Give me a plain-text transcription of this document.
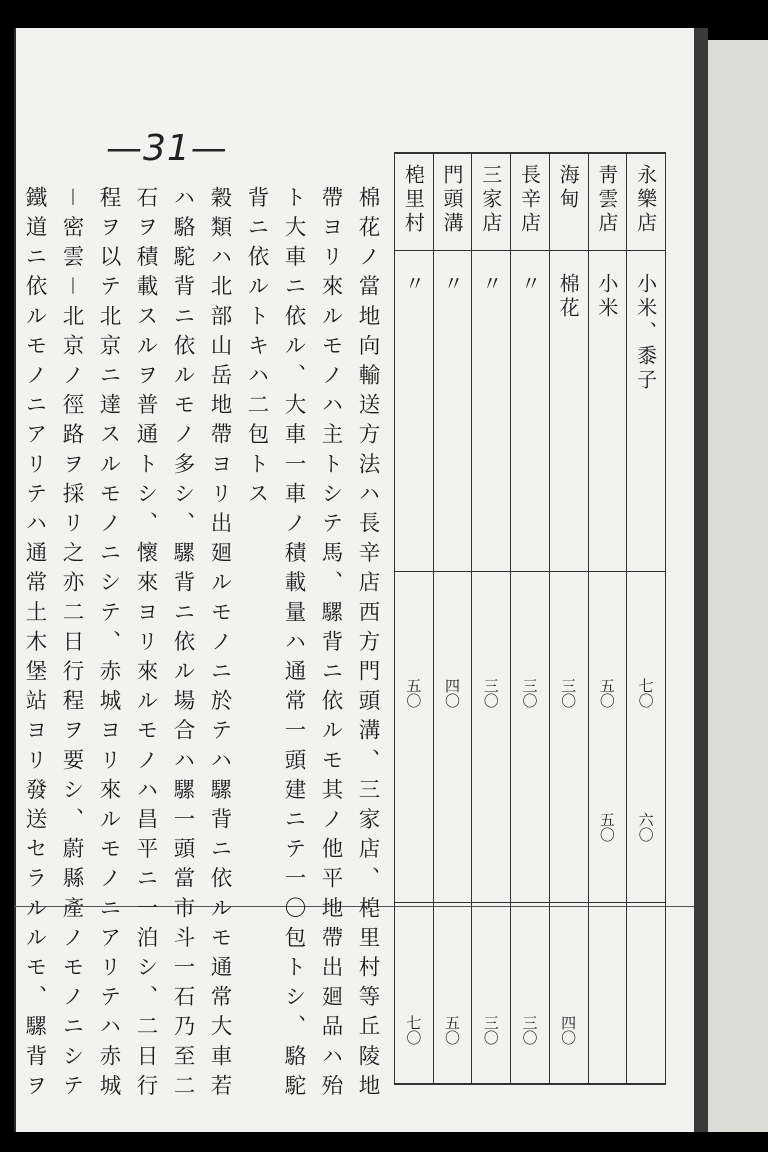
—31—
棉花ノ當地向輸送方法ハ長辛店西方門頭溝、三家店、梍里村等丘陵地
帶ヨリ來ルモノハ主トシテ馬、騾背ニ依ルモ其ノ他平地帶出廻品ハ殆
ト大車ニ依ル、大車一車ノ積載量ハ通常一頭建ニテ一〇包トシ、駱駝
背ニ依ルトキハ二包トス
穀類ハ北部山岳地帶ヨリ出廻ルモノニ於テハ騾背ニ依ルモ通常大車若
ハ駱駝背ニ依ルモノ多シ、騾背ニ依ル場合ハ騾一頭當市斗一石乃至二
石ヲ積載スルヲ普通トシ、懷來ヨリ來ルモノハ昌平ニ一泊シ、二日行
程ヲ以テ北京ニ達スルモノニシテ、赤城ヨリ來ルモノニアリテハ赤城
－密雲－北京ノ徑路ヲ採リ之亦二日行程ヲ要シ、蔚縣產ノモノニシテ
鐵道ニ依ルモノニアリテハ通常土木堡站ヨリ發送セラルルモ、騾背ヲ	梍里村	門頭溝	三家店	長辛店	海甸	靑雲店	永樂店
〃	〃	〃	〃	棉花	小米	小米、黍子
五〇	四〇	三〇	三〇	三〇	五〇	七〇
					五〇	六〇
七〇	五〇	三〇	三〇	四〇		
